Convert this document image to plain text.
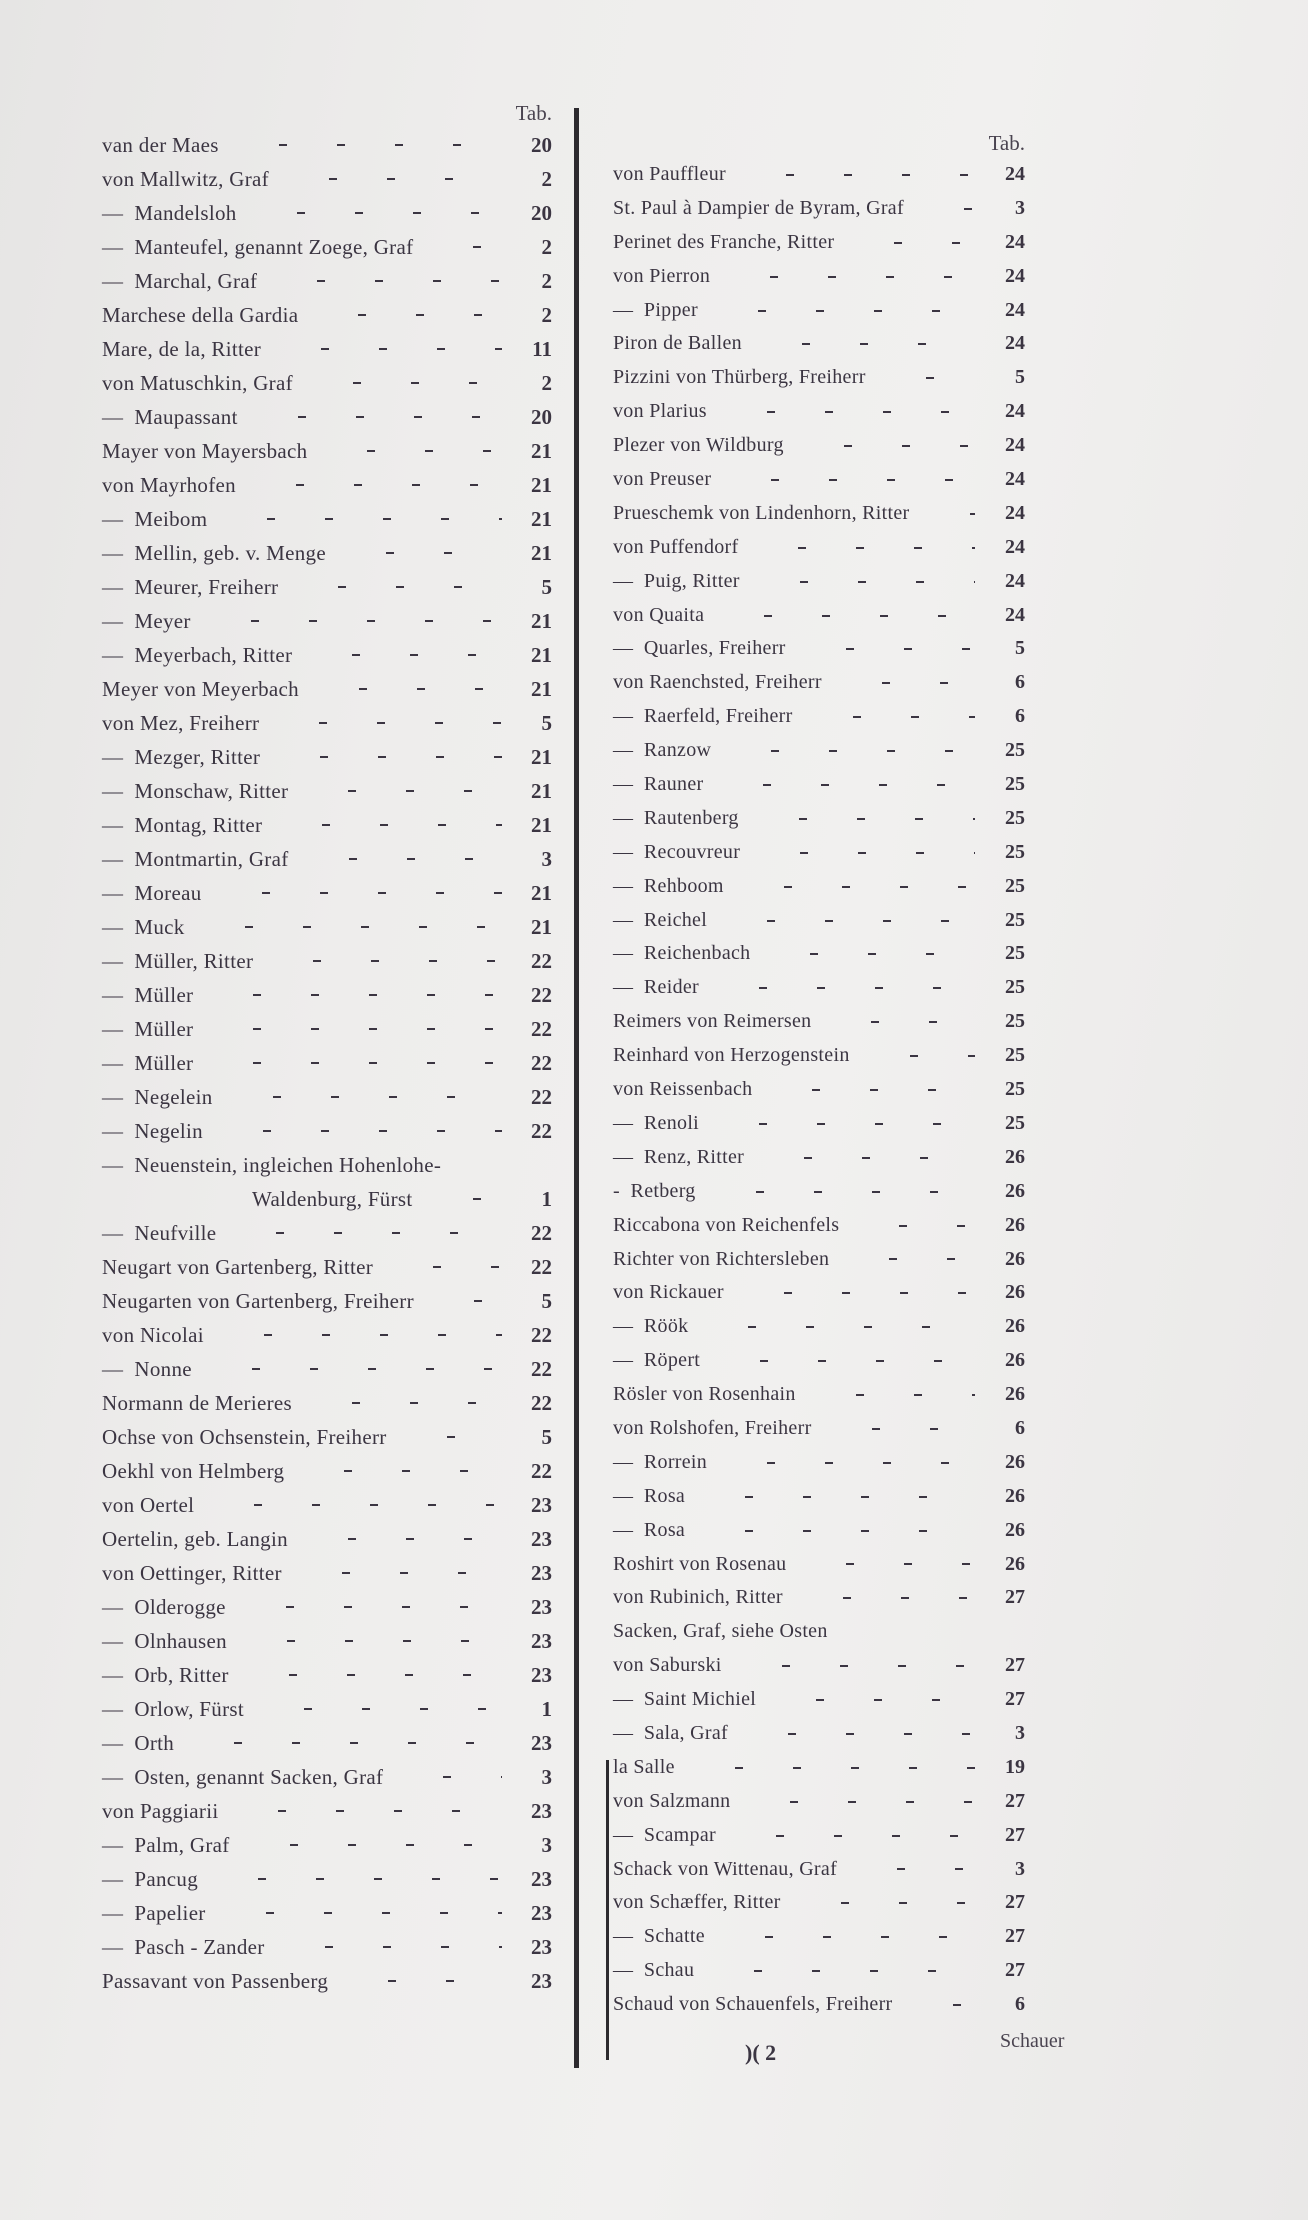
Tab.
van der Maes	20
von Mallwitz, Graf	2
—  Mandelsloh	20
—  Manteufel, genannt Zoege, Graf	2
—  Marchal, Graf	2
Marchese della Gardia	2
Mare, de la, Ritter	11
von Matuschkin, Graf	2
—  Maupassant	20
Mayer von Mayersbach	21
von Mayrhofen	21
—  Meibom	21
—  Mellin, geb. v. Menge	21
—  Meurer, Freiherr	5
—  Meyer	21
—  Meyerbach, Ritter	21
Meyer von Meyerbach	21
von Mez, Freiherr	5
—  Mezger, Ritter	21
—  Monschaw, Ritter	21
—  Montag, Ritter	21
—  Montmartin, Graf	3
—  Moreau	21
—  Muck	21
—  Müller, Ritter	22
—  Müller	22
—  Müller	22
—  Müller	22
—  Negelein	22
—  Negelin	22
—  Neuenstein, ingleichen Hohenlohe-
Waldenburg, Fürst	1
—  Neufville	22
Neugart von Gartenberg, Ritter	22
Neugarten von Gartenberg, Freiherr	5
von Nicolai	22
—  Nonne	22
Normann de Merieres	22
Ochse von Ochsenstein, Freiherr	5
Oekhl von Helmberg	22
von Oertel	23
Oertelin, geb. Langin	23
von Oettinger, Ritter	23
—  Olderogge	23
—  Olnhausen	23
—  Orb, Ritter	23
—  Orlow, Fürst	1
—  Orth	23
—  Osten, genannt Sacken, Graf	3
von Paggiarii	23
—  Palm, Graf	3
—  Pancug	23
—  Papelier	23
—  Pasch - Zander	23
Passavant von Passenberg	23
Tab.
von Pauffleur	24
St. Paul à Dampier de Byram, Graf	3
Perinet des Franche, Ritter	24
von Pierron	24
—  Pipper	24
Piron de Ballen	24
Pizzini von Thürberg, Freiherr	5
von Plarius	24
Plezer von Wildburg	24
von Preuser	24
Prueschemk von Lindenhorn, Ritter	24
von Puffendorf	24
—  Puig, Ritter	24
von Quaita	24
—  Quarles, Freiherr	5
von Raenchsted, Freiherr	6
—  Raerfeld, Freiherr	6
—  Ranzow	25
—  Rauner	25
—  Rautenberg	25
—  Recouvreur	25
—  Rehboom	25
—  Reichel	25
—  Reichenbach	25
—  Reider	25
Reimers von Reimersen	25
Reinhard von Herzogenstein	25
von Reissenbach	25
—  Renoli	25
—  Renz, Ritter	26
-  Retberg	26
Riccabona von Reichenfels	26
Richter von Richtersleben	26
von Rickauer	26
—  Röök	26
—  Röpert	26
Rösler von Rosenhain	26
von Rolshofen, Freiherr	6
—  Rorrein	26
—  Rosa	26
—  Rosa	26
Roshirt von Rosenau	26
von Rubinich, Ritter	27
Sacken, Graf, siehe Osten
von Saburski	27
—  Saint Michiel	27
—  Sala, Graf	3
la Salle	19
von Salzmann	27
—  Scampar	27
Schack von Wittenau, Graf	3
von Schæffer, Ritter	27
—  Schatte	27
—  Schau	27
Schaud von Schauenfels, Freiherr	6
Schauer
)( 2
